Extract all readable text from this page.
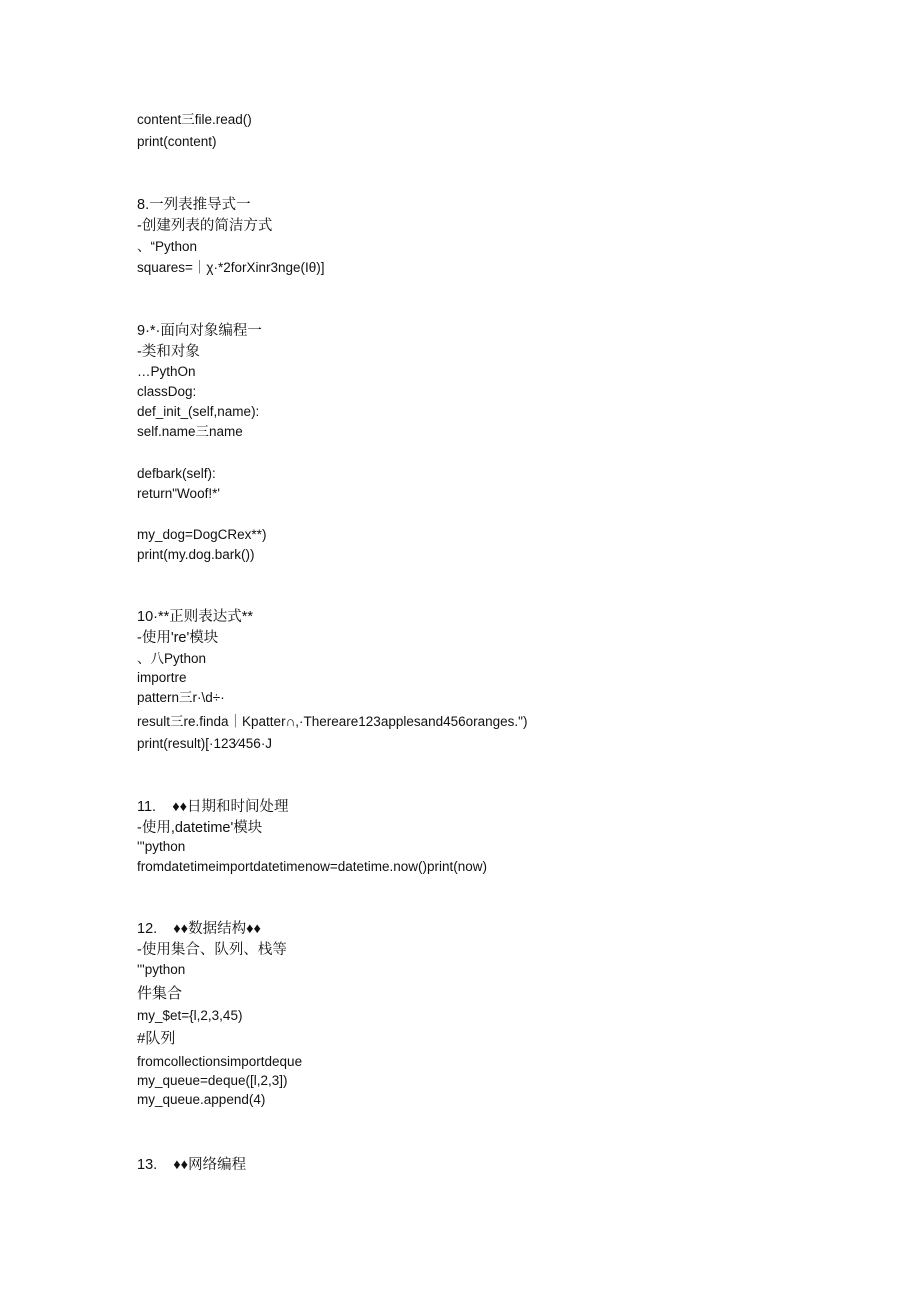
content三file.read()
print(content)
8.一列表推导式一
-创建列表的简洁方式
、“Python
squares=｜χ·*2forXinr3nge(Iθ)]
9·*·面向对象编程一
-类和对象
…PythOn
classDog:
def_init_(self,name):
self.name三name
defbark(self):
return"Woof!*'
my_dog=DogCRex**)
print(my.dog.bark())
10·**正则表达式**
-使用're'模块
、八Python
importre
pattern三r·\d÷·
result三re.finda｜Kpatter∩,·Thereare123applesand456oranges.")
print(result)[·123∕456·J
11.    ♦♦日期和时间处理
-使用,datetime'模块
'''python
fromdatetimeimportdatetimenow=datetime.now()print(now)
12.    ♦♦数据结构♦♦
-使用集合、队列、栈等
'''python
件集合
my_$et={l,2,3,45)
#队列
fromcollectionsimportdeque
my_queue=deque([l,2,3])
my_queue.append(4)
13.    ♦♦网络编程
